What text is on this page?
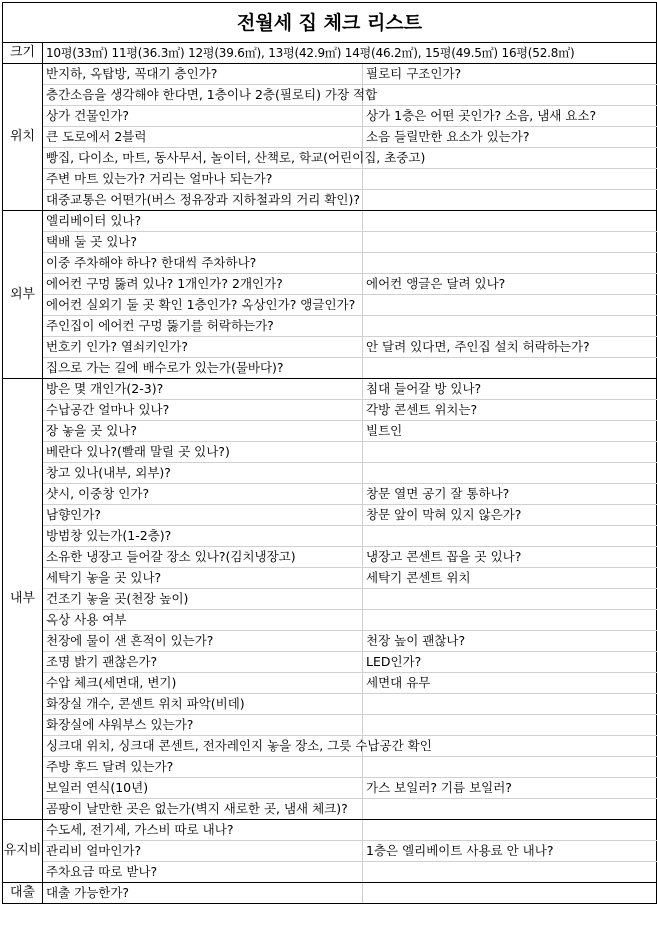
전월세 집 체크 리스트		
크기	10평(33㎡) 11평(36.3㎡) 12평(39.6㎡), 13평(42.9㎡) 14평(46.2㎡), 15평(49.5㎡) 16평(52.8㎡)	
위치	반지하, 옥탑방, 꼭대기 층인가?	필로티 구조인가?
	층간소음을 생각해야 한다면, 1층이나 2층(필로티) 가장 적합	
	상가 건물인가?	상가 1층은 어떤 곳인가? 소음, 냄새 요소?
	큰 도로에서 2블럭	소음 들릴만한 요소가 있는가?
	빵집, 다이소, 마트, 동사무서, 놀이터, 산책로, 학교(어린이집, 초중고)	
	주변 마트 있는가? 거리는 얼마나 되는가?	
	대중교통은 어떤가(버스 정유장과 지하철과의 거리 확인)?	
외부	엘리베이터 있나?	
	택배 둘 곳 있나?	
	이중 주차해야 하나? 한대씩 주차하나?	
	에어컨 구멍 뚫려 있나? 1개인가? 2개인가?	에어컨 앵글은 달려 있나?
	에어컨 실외기 둘 곳 확인 1층인가? 옥상인가? 앵글인가?	
	주인집이 에어컨 구멍 뚫기를 허락하는가?	
	번호키 인가? 열쇠키인가?	안 달려 있다면, 주인집 설치 허락하는가?
	집으로 가는 길에 배수로가 있는가(물바다)?	
내부	방은 몇 개인가(2-3)?	침대 들어갈 방 있나?
	수납공간 얼마나 있나?	각방 콘센트 위치는?
	장 놓을 곳 있나?	빌트인
	베란다 있나?(빨래 말릴 곳 있나?)	
	창고 있나(내부, 외부)?	
	샷시, 이중창 인가?	창문 열면 공기 잘 통하나?
	남향인가?	창문 앞이 막혀 있지 않은가?
	방범창 있는가(1-2층)?	
	소유한 냉장고 들어갈 장소 있나?(김치냉장고)	냉장고 콘센트 꼽을 곳 있나?
	세탁기 놓을 곳 있나?	세탁기 콘센트 위치
	건조기 놓을 곳(천장 높이)	
	옥상 사용 여부	
	천장에 물이 샌 흔적이 있는가?	천장 높이 괜찮나?
	조명 밝기 괜찮은가?	LED인가?
	수압 체크(세면대, 변기)	세면대 유무
	화장실 개수, 콘센트 위치 파악(비데)	
	화장실에 샤워부스 있는가?	
	싱크대 위치, 싱크대 콘센트, 전자레인지 놓을 장소, 그릇 수납공간 확인	
	주방 후드 달려 있는가?	
	보일러 연식(10년)	가스 보일러? 기름 보일러?
	곰팡이 날만한 곳은 없는가(벽지 새로한 곳, 냄새 체크)?	
유지비	수도세, 전기세, 가스비 따로 내나?	
	관리비 얼마인가?	1층은 엘리베이트 사용료 안 내나?
	주차요금 따로 받나?	
대출	대출 가능한가?	
